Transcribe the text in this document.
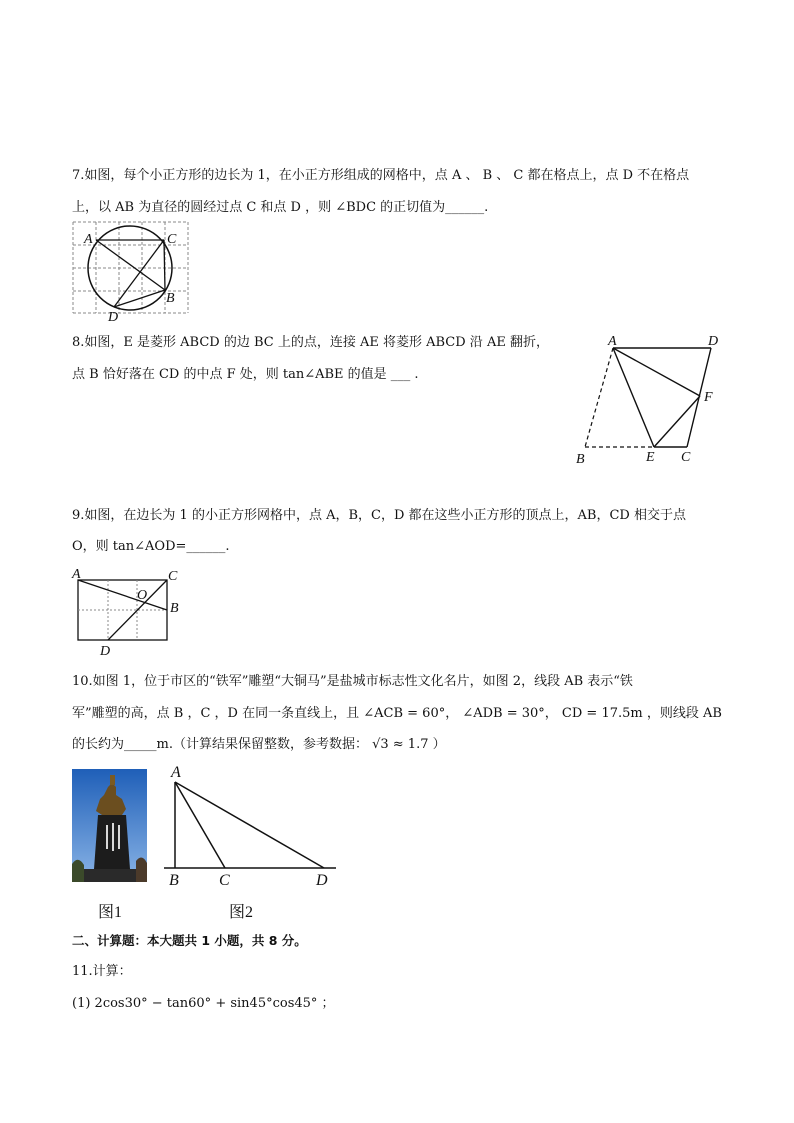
7.如图，每个小正方形的边长为 1，在小正方形组成的网格中，点 A 、 B 、 C 都在格点上，点 D 不在格点
上，以 AB 为直径的圆经过点 C 和点 D ，则 ∠BDC 的正切值为______.
A	C
B
D
8.如图，E 是菱形 ABCD 的边 BC 上的点，连接 AE 将菱形 ABCD 沿 AE 翻折，
点 B 恰好落在 CD 的中点 F 处，则 tan∠ABE 的值是 ___ .
A	D
F
B	E C
9.如图，在边长为 1 的小正方形网格中，点 A，B，C，D 都在这些小正方形的顶点上，AB，CD 相交于点
O，则 tan∠AOD=______.
A	C
O
B
D
10.如图 1，位于市区的“铁军”雕塑“大铜马”是盐城市标志性文化名片，如图 2，线段 AB 表示“铁
军”雕塑的高，点 B ，C ，D 在同一条直线上，且 ∠ACB = 60°， ∠ADB = 30°， CD = 17.5m ，则线段 AB
的长约为_____m.（计算结果保留整数，参考数据： √3 ≈ 1.7 ）
图1
A
B	C	D
图2
二、计算题：本大题共 1 小题，共 8 分。
11.计算：
(1) 2cos30° − tan60° + sin45°cos45° ；
